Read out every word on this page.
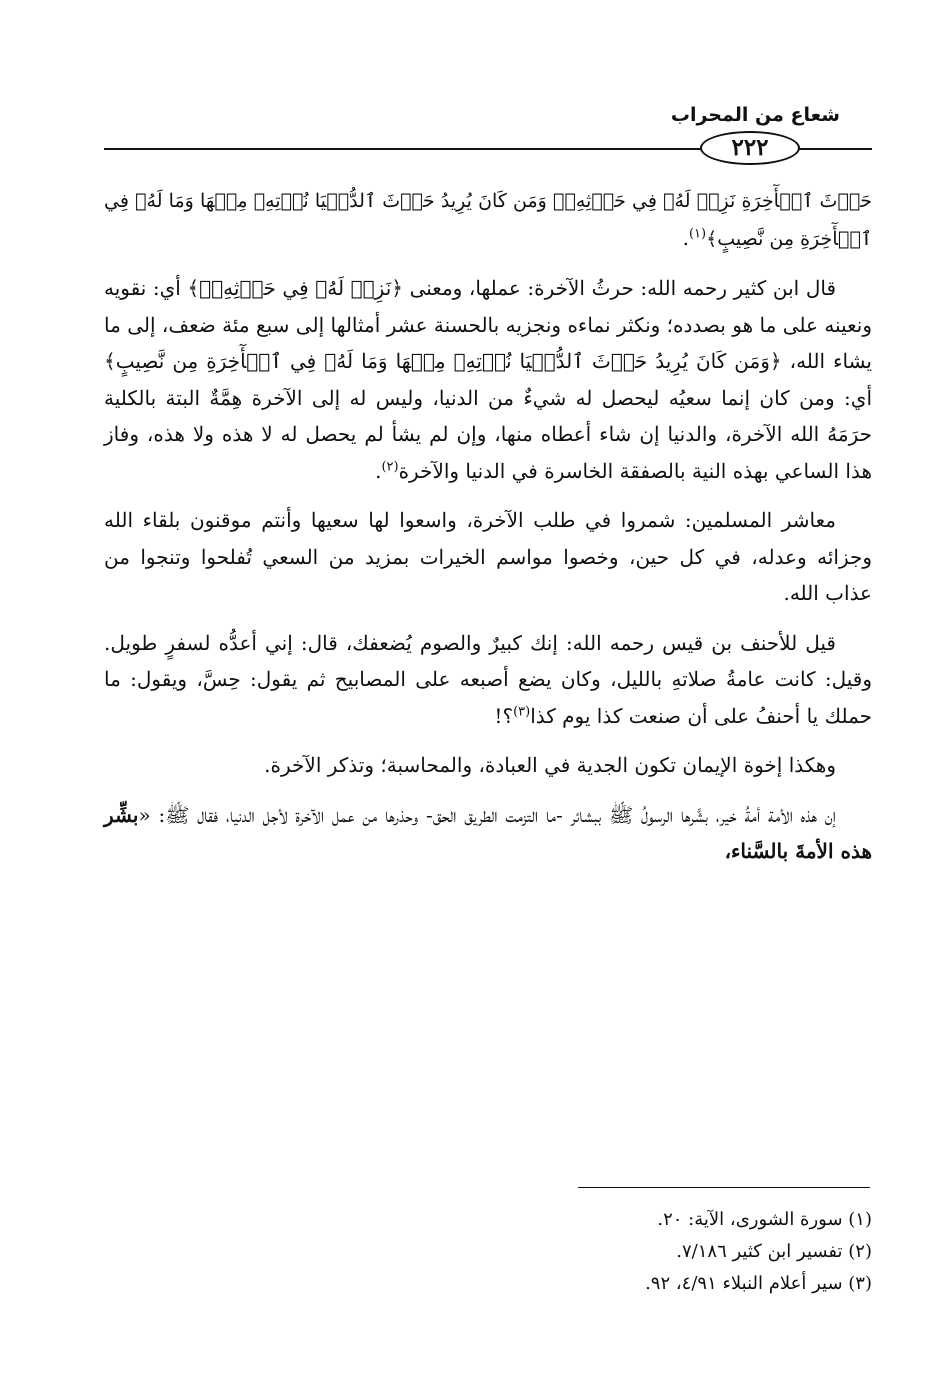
شعاع من المحراب
٢٢٢

حَرۡثَ ٱلۡأٓخِرَةِ نَزِدۡ لَهُۥ فِي حَرۡثِهِۦۖ وَمَن كَانَ يُرِيدُ حَرۡثَ ٱلدُّنۡيَا نُؤۡتِهِۦ مِنۡهَا وَمَا لَهُۥ فِي ٱلۡأٓخِرَةِ مِن نَّصِيبٍ﴾$^{(١)}$.

قال ابن كثير رحمه الله: حرثُ الآخرة: عملها، ومعنى ﴿نَزِدۡ لَهُۥ فِي حَرۡثِهِۦۖ﴾ أي: نقويه ونعينه على ما هو بصدده؛ ونكثر نماءه ونجزيه بالحسنة عشر أمثالها إلى سبع مئة ضعف، إلى ما يشاء الله، ﴿وَمَن كَانَ يُرِيدُ حَرۡثَ ٱلدُّنۡيَا نُؤۡتِهِۦ مِنۡهَا وَمَا لَهُۥ فِي ٱلۡأٓخِرَةِ مِن نَّصِيبٍ﴾ أي: ومن كان إنما سعيُه ليحصل له شيءٌ من الدنيا، وليس له إلى الآخرة هِمَّةٌ البتة بالكلية حرَمَهُ الله الآخرة، والدنيا إن شاء أعطاه منها، وإن لم يشأ لم يحصل له لا هذه ولا هذه، وفاز هذا الساعي بهذه النية بالصفقة الخاسرة في الدنيا والآخرة$^{(٢)}$.

معاشر المسلمين: شمروا في طلب الآخرة، واسعوا لها سعيها وأنتم موقنون بلقاء الله وجزائه وعدله، في كل حين، وخصوا مواسم الخيرات بمزيد من السعي تُفلحوا وتنجوا من عذاب الله.

قيل للأحنف بن قيس رحمه الله: إنك كبيرٌ والصوم يُضعفك، قال: إني أعدُّه لسفرٍ طويل. وقيل: كانت عامةُ صلاتهِ بالليل، وكان يضع أصبعه على المصابيح ثم يقول: حِسَّ، ويقول: ما حملك يا أحنفُ على أن صنعت كذا يوم كذا$^{(٣)}$؟!

وهكذا إخوة الإيمان تكون الجدية في العبادة، والمحاسبة؛ وتذكر الآخرة.

إن هذه الأمة أمةُ خير، بشَّرها الرسولُ ﷺ ببشائر -ما التزمت الطريق الحق- وحذرها من عمل الآخرة لأجل الدنيا، فقال ﷺ: «بشِّر هذه الأمةَ بالسَّناء،

(١) سورة الشورى، الآية: ٢٠.
(٢) تفسير ابن كثير ٧/١٨٦.
(٣) سير أعلام النبلاء ٤/٩١، ٩٢.
